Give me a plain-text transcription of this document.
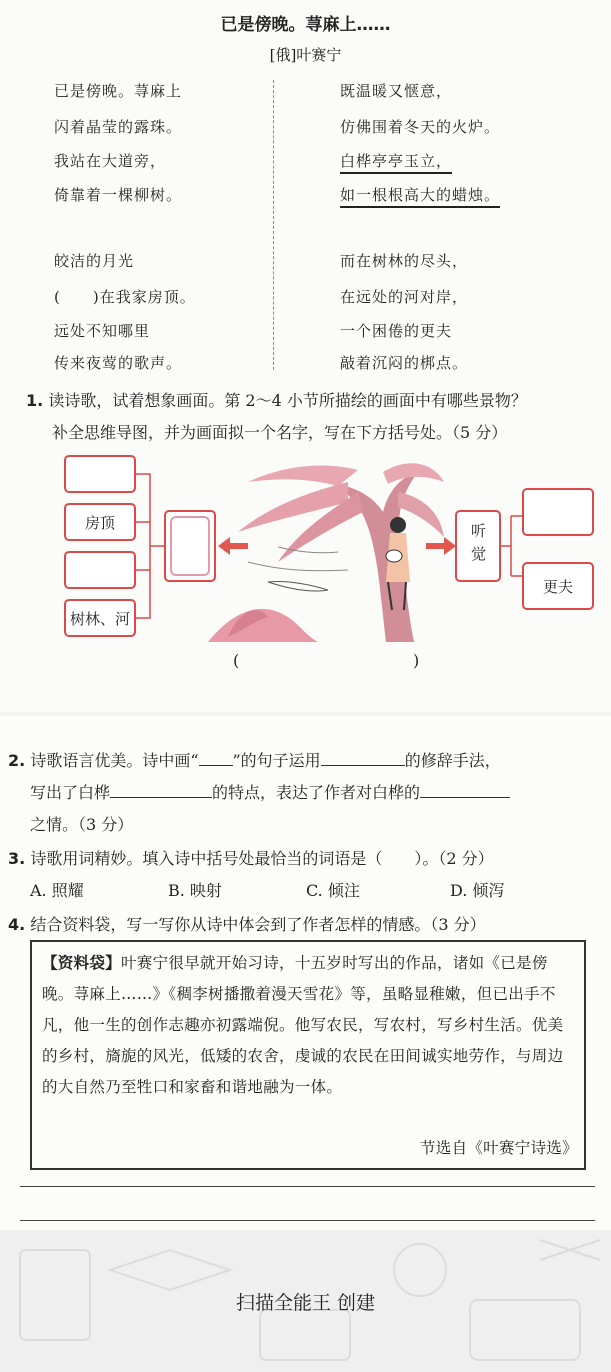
已是傍晚。荨麻上……
[俄]叶赛宁
已是傍晚。荨麻上
闪着晶莹的露珠。
我站在大道旁，
倚靠着一棵柳树。
皎洁的月光
(　　)在我家房顶。
远处不知哪里
传来夜莺的歌声。
既温暖又惬意，
仿佛围着冬天的火炉。
白桦亭亭玉立，
如一根根高大的蜡烛。
而在树林的尽头，
在远处的河对岸，
一个困倦的更夫
敲着沉闷的梆点。
1. 读诗歌，试着想象画面。第 2～4 小节所描绘的画面中有哪些景物？
补全思维导图，并为画面拟一个名字，写在下方括号处。（5 分）
房顶
树林、河
听觉
更夫
(	)
2. 诗歌语言优美。诗中画“ ”的句子运用	的修辞手法，
写出了白桦	的特点，表达了作者对白桦的
之情。（3 分）
3. 诗歌用词精妙。填入诗中括号处最恰当的词语是（　　）。（2 分）
A. 照耀	B. 映射	C. 倾注	D. 倾泻
4. 结合资料袋，写一写你从诗中体会到了作者怎样的情感。（3 分）
【资料袋】叶赛宁很早就开始习诗，十五岁时写出的作品，诸如《已是傍晚。荨麻上……》《稠李树播撒着漫天雪花》等，虽略显稚嫩，但已出手不凡，他一生的创作志趣亦初露端倪。他写农民，写农村，写乡村生活。优美的乡村，旖旎的风光，低矮的农舍，虔诚的农民在田间诚实地劳作，与周边的大自然乃至牲口和家畜和谐地融为一体。
节选自《叶赛宁诗选》
扫描全能王 创建
